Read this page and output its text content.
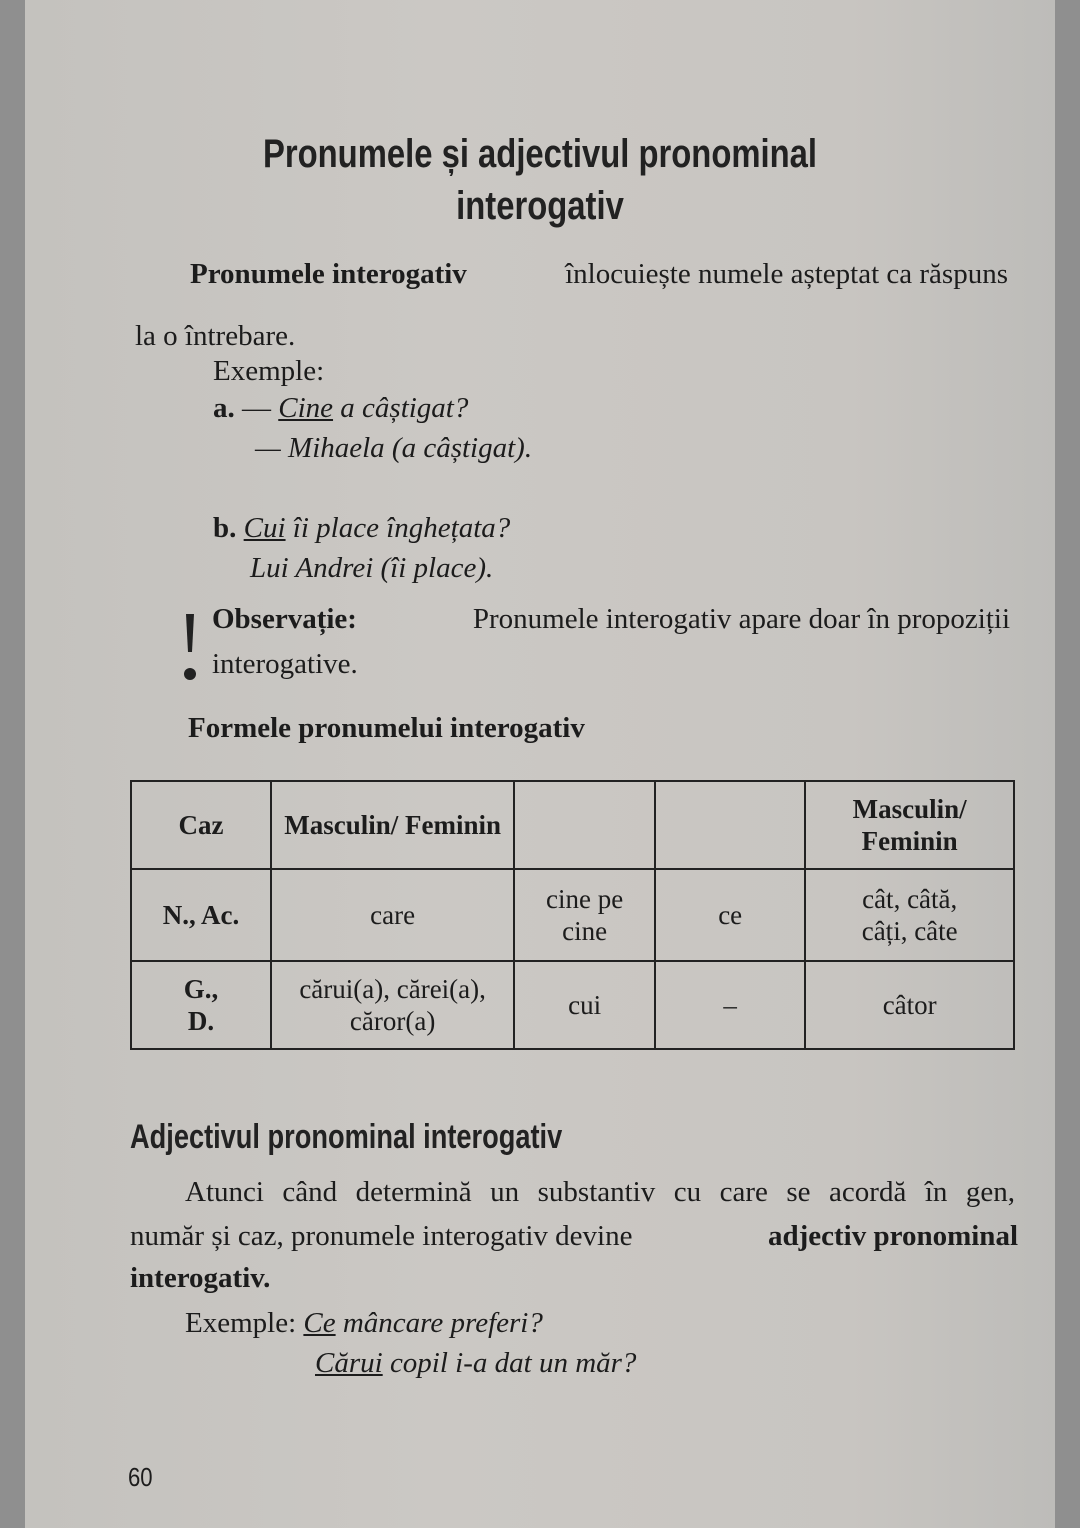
Pronumele și adjectivul pronominal
interogativ
Pronumele interogativ	înlocuiește numele așteptat ca răspuns
la o întrebare.
Exemple:
a. — Cine a câștigat?
— Mihaela (a câștigat).
b. Cui îi place înghețata?
Lui Andrei (îi place).
Observație:	Pronumele interogativ apare doar în propoziții
interogative.
Formele pronumelui interogativ
Caz	Masculin/ Feminin			Masculin/ Feminin
N., Ac.	care	cine pe cine	ce	cât, câtă, câți, câte
G., D.	cărui(a), cărei(a), căror(a)	cui	–	câtor
Adjectivul pronominal interogativ
Atunci când determină un substantiv cu care se acordă în gen,
număr și caz, pronumele interogativ devine	adjectiv pronominal
interogativ.
Exemple: Ce mâncare preferi?
Cărui copil i-a dat un măr?
60
